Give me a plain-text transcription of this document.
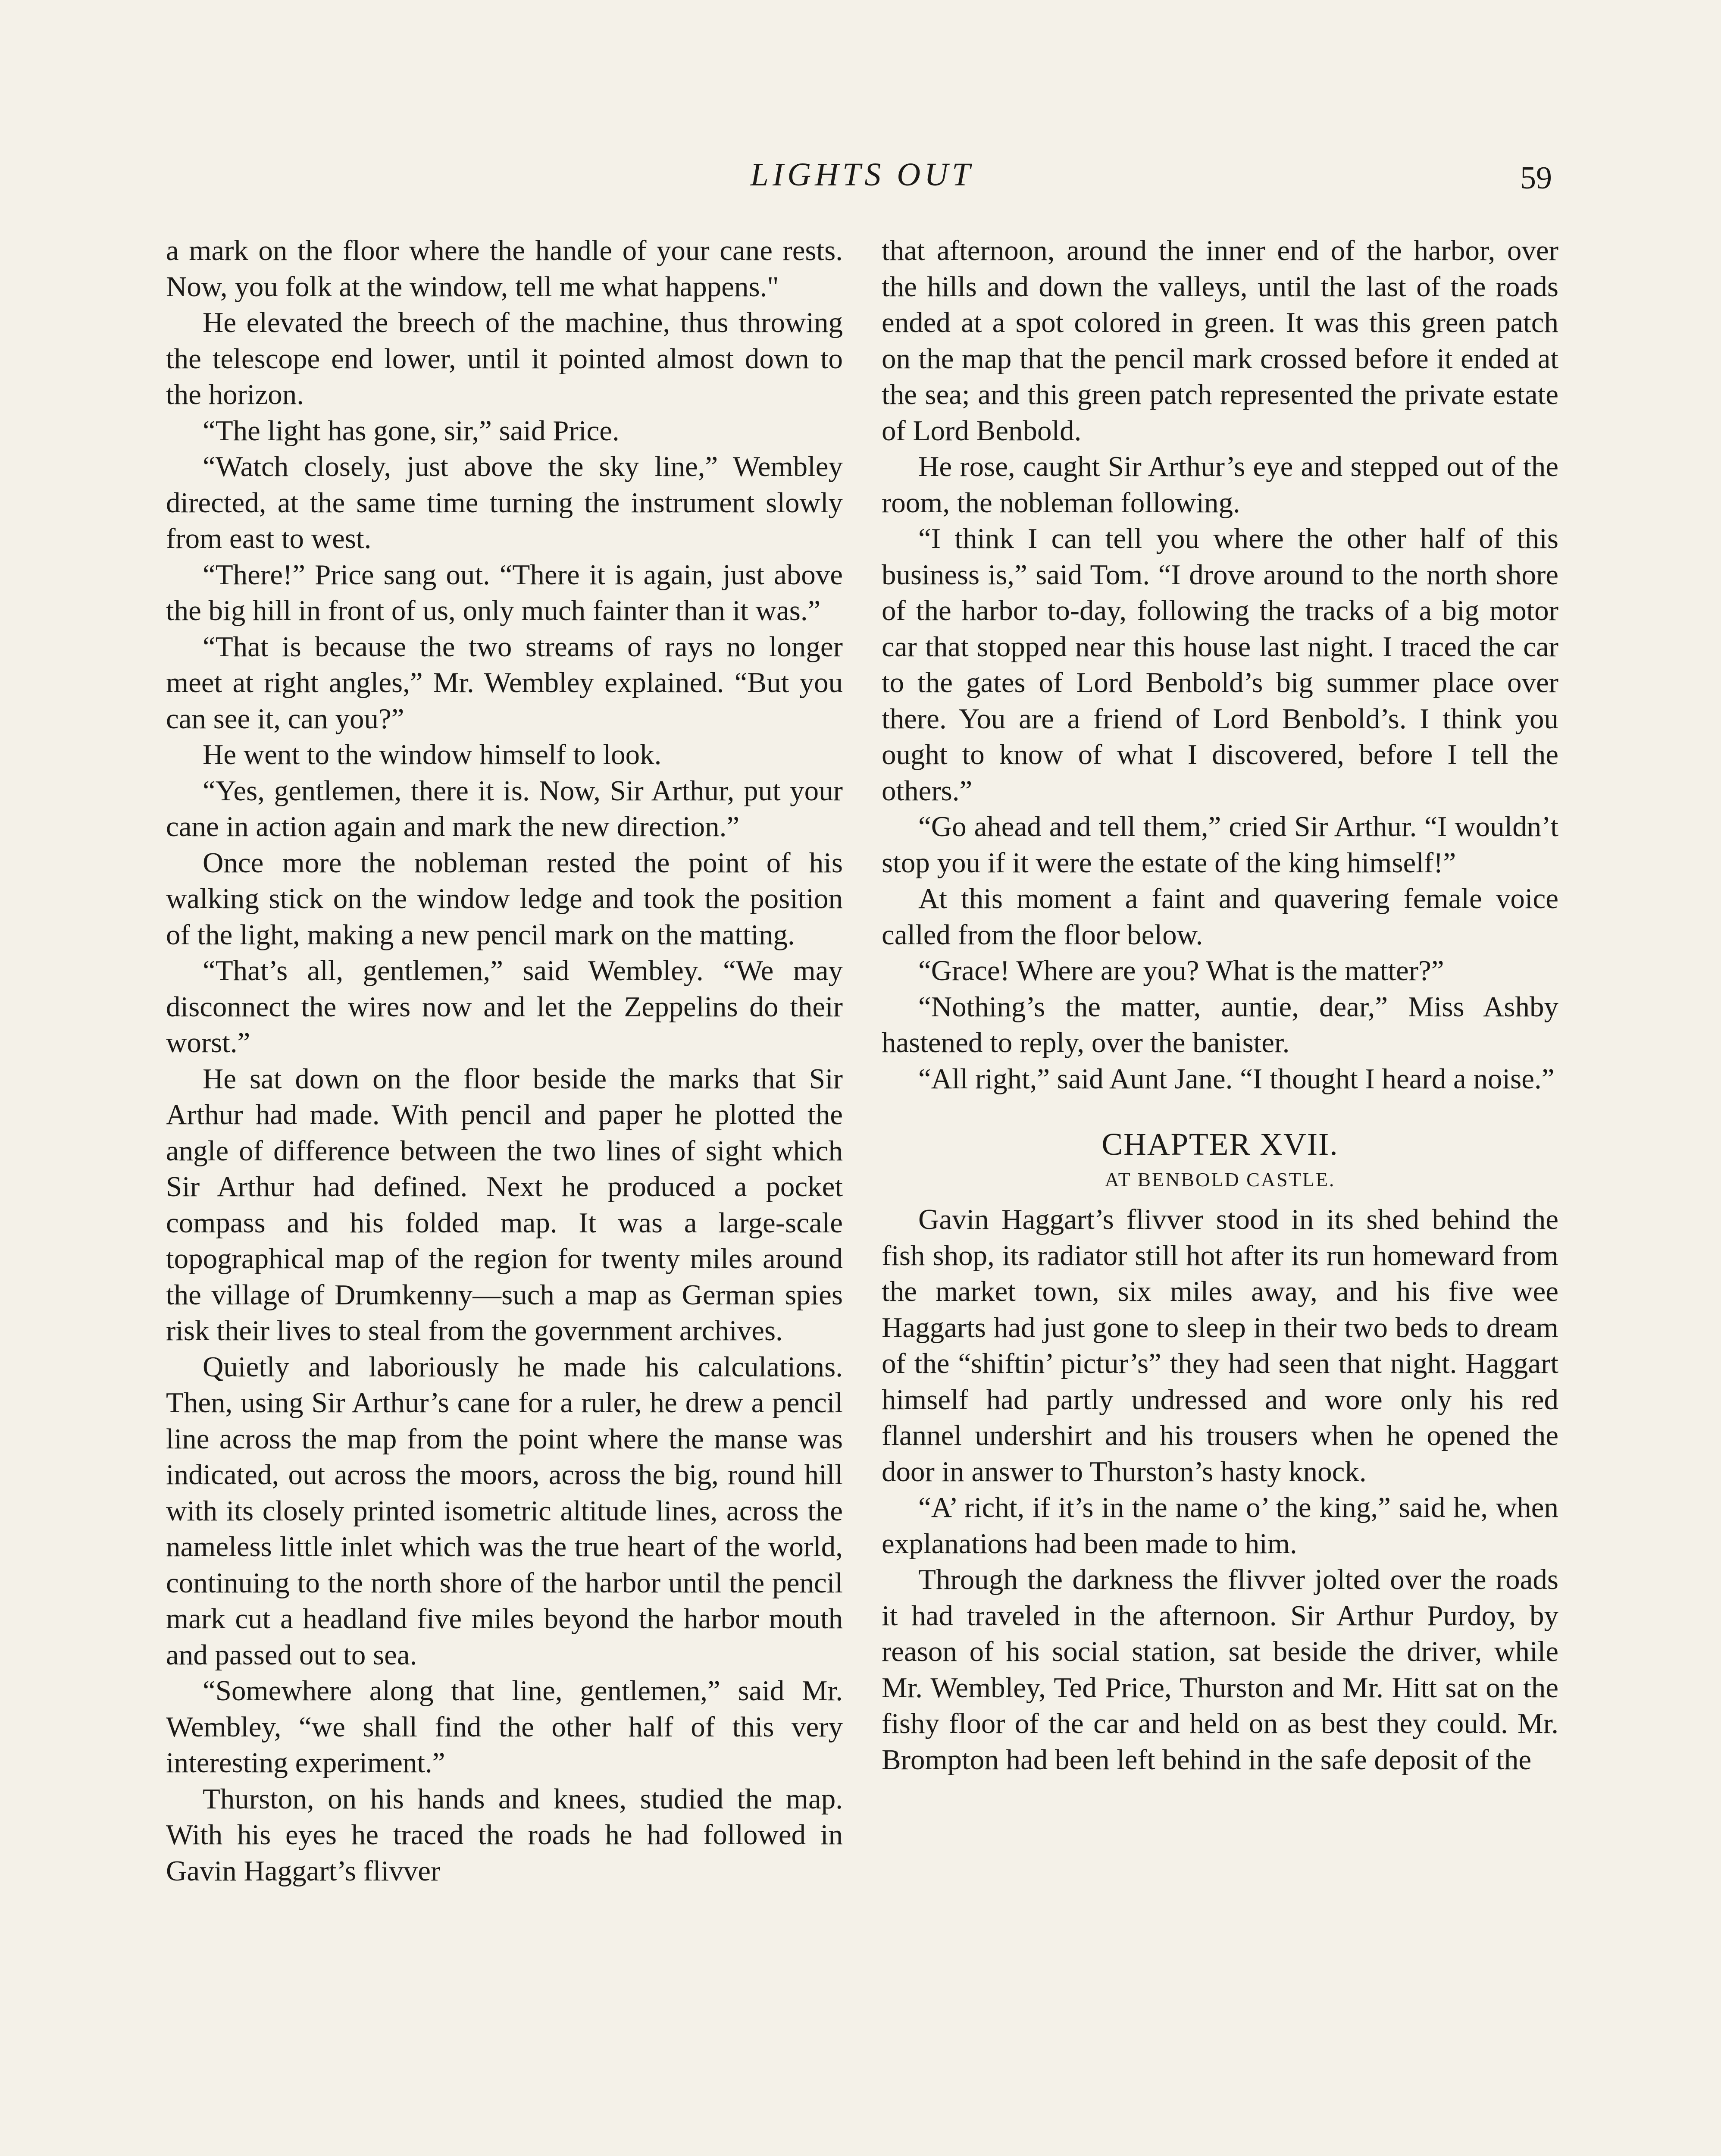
LIGHTS OUT	59

a mark on the floor where the handle of your cane rests. Now, you folk at the window, tell me what happens."

He elevated the breech of the machine, thus throwing the telescope end lower, until it pointed almost down to the horizon.

“The light has gone, sir,” said Price.

“Watch closely, just above the sky line,” Wembley directed, at the same time turning the instrument slowly from east to west.

“There!” Price sang out. “There it is again, just above the big hill in front of us, only much fainter than it was.”

“That is because the two streams of rays no longer meet at right angles,” Mr. Wembley explained. “But you can see it, can you?”

He went to the window himself to look.

“Yes, gentlemen, there it is. Now, Sir Arthur, put your cane in action again and mark the new direction.”

Once more the nobleman rested the point of his walking stick on the window ledge and took the position of the light, making a new pencil mark on the matting.

“That’s all, gentlemen,” said Wembley. “We may disconnect the wires now and let the Zeppelins do their worst.”

He sat down on the floor beside the marks that Sir Arthur had made. With pencil and paper he plotted the angle of difference between the two lines of sight which Sir Arthur had defined. Next he produced a pocket compass and his folded map. It was a large-scale topographical map of the region for twenty miles around the village of Drumkenny—such a map as German spies risk their lives to steal from the government archives.

Quietly and laboriously he made his calculations. Then, using Sir Arthur’s cane for a ruler, he drew a pencil line across the map from the point where the manse was indicated, out across the moors, across the big, round hill with its closely printed isometric altitude lines, across the nameless little inlet which was the true heart of the world, continuing to the north shore of the harbor until the pencil mark cut a headland five miles beyond the harbor mouth and passed out to sea.

“Somewhere along that line, gentlemen,” said Mr. Wembley, “we shall find the other half of this very interesting experiment.”

Thurston, on his hands and knees, studied the map. With his eyes he traced the roads he had followed in Gavin Haggart’s flivver

that afternoon, around the inner end of the harbor, over the hills and down the valleys, until the last of the roads ended at a spot colored in green. It was this green patch on the map that the pencil mark crossed before it ended at the sea; and this green patch represented the private estate of Lord Benbold.

He rose, caught Sir Arthur’s eye and stepped out of the room, the nobleman following.

“I think I can tell you where the other half of this business is,” said Tom. “I drove around to the north shore of the harbor to-day, following the tracks of a big motor car that stopped near this house last night. I traced the car to the gates of Lord Benbold’s big summer place over there. You are a friend of Lord Benbold’s. I think you ought to know of what I discovered, before I tell the others.”

“Go ahead and tell them,” cried Sir Arthur. “I wouldn’t stop you if it were the estate of the king himself!”

At this moment a faint and quavering female voice called from the floor below.

“Grace! Where are you? What is the matter?”

“Nothing’s the matter, auntie, dear,” Miss Ashby hastened to reply, over the banister.

“All right,” said Aunt Jane. “I thought I heard a noise.”

CHAPTER XVII.
AT BENBOLD CASTLE.

Gavin Haggart’s flivver stood in its shed behind the fish shop, its radiator still hot after its run homeward from the market town, six miles away, and his five wee Haggarts had just gone to sleep in their two beds to dream of the “shiftin’ pictur’s” they had seen that night. Haggart himself had partly undressed and wore only his red flannel undershirt and his trousers when he opened the door in answer to Thurston’s hasty knock.

“A’ richt, if it’s in the name o’ the king,” said he, when explanations had been made to him.

Through the darkness the flivver jolted over the roads it had traveled in the afternoon. Sir Arthur Purdoy, by reason of his social station, sat beside the driver, while Mr. Wembley, Ted Price, Thurston and Mr. Hitt sat on the fishy floor of the car and held on as best they could. Mr. Brompton had been left behind in the safe deposit of the
